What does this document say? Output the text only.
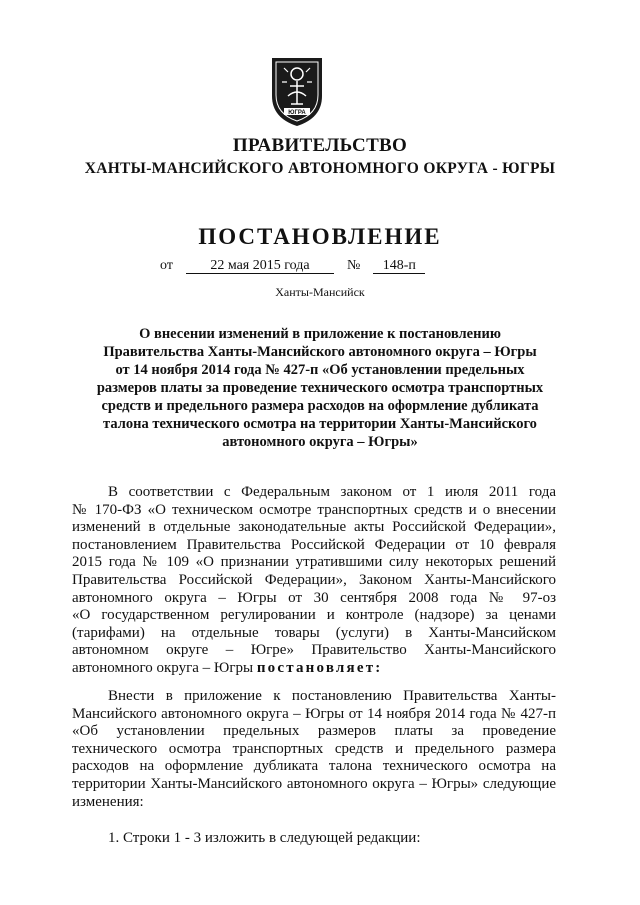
ЮГРА
ПРАВИТЕЛЬСТВО
ХАНТЫ-МАНСИЙСКОГО АВТОНОМНОГО ОКРУГА - ЮГРЫ
ПОСТАНОВЛЕНИЕ
от	22 мая 2015 года	№ 148-п
Ханты-Мансийск
О внесении изменений в приложение к постановлению
Правительства Ханты-Мансийского автономного округа – Югры
от 14 ноября 2014 года № 427-п «Об установлении предельных
размеров платы за проведение технического осмотра транспортных
средств и предельного размера расходов на оформление дубликата
талона технического осмотра на территории Ханты-Мансийского
автономного округа – Югры»
В соответствии с Федеральным законом от 1 июля 2011 года
№ 170-ФЗ «О техническом осмотре транспортных средств и о внесении
изменений в отдельные законодательные акты Российской Федерации»,
постановлением Правительства Российской Федерации от 10 февраля
2015 года № 109 «О признании утратившими силу некоторых решений
Правительства Российской Федерации», Законом Ханты-Мансийского
автономного округа – Югры от 30 сентября 2008 года № 97-оз
«О государственном регулировании и контроле (надзоре) за ценами
(тарифами) на отдельные товары (услуги) в Ханты-Мансийском
автономном округе – Югре» Правительство Ханты-Мансийского
автономного округа – Югры постановляет:
Внести в приложение к постановлению Правительства Ханты-
Мансийского автономного округа – Югры от 14 ноября 2014 года № 427-п
«Об установлении предельных размеров платы за проведение
технического осмотра транспортных средств и предельного размера
расходов на оформление дубликата талона технического осмотра на
территории Ханты-Мансийского автономного округа – Югры» следующие
изменения:
1. Строки 1 - 3 изложить в следующей редакции:
